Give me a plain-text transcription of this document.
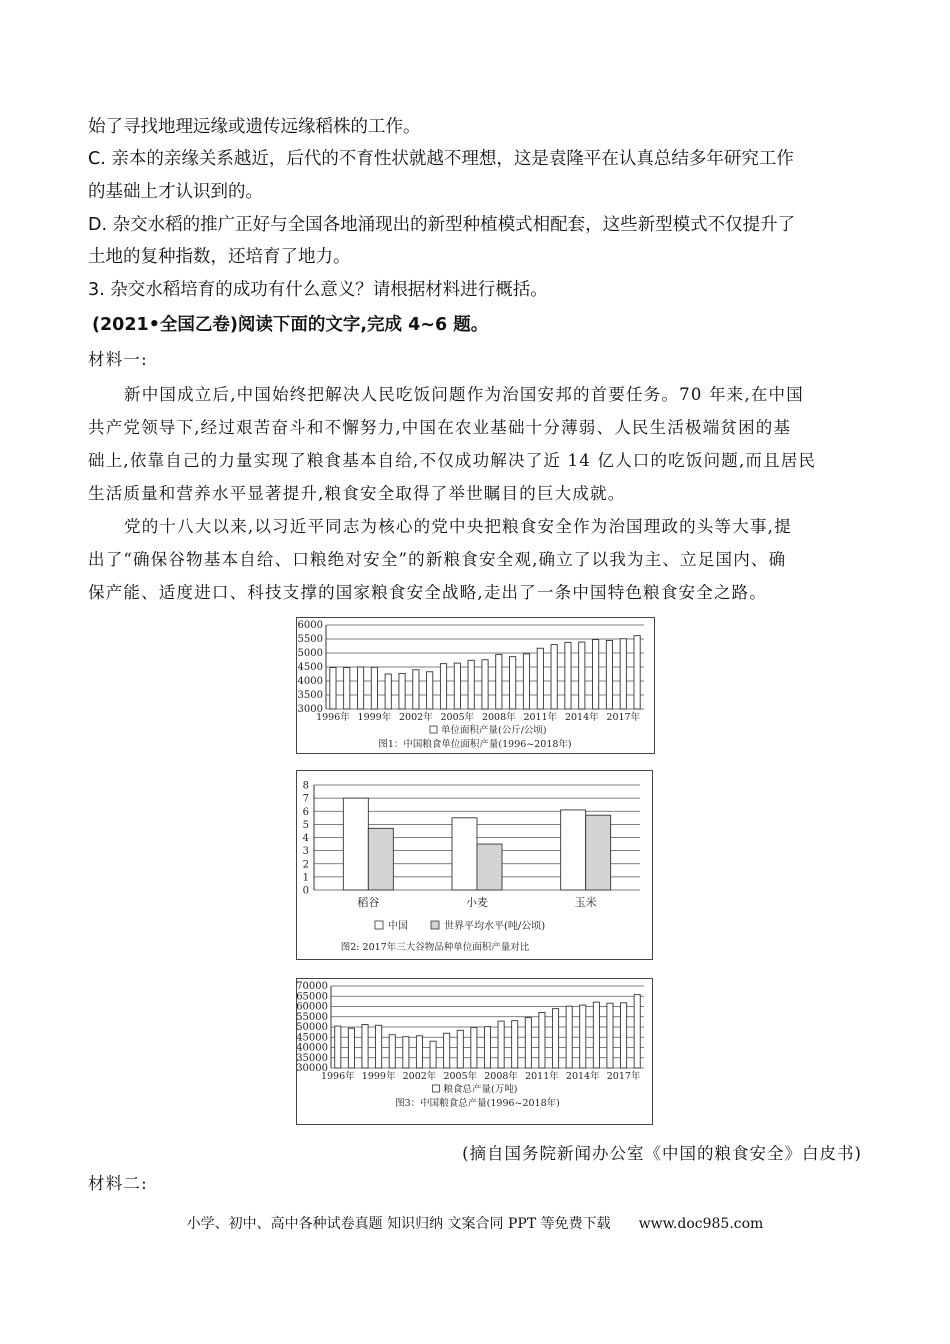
始了寻找地理远缘或遗传远缘稻株的工作。
C. 亲本的亲缘关系越近，后代的不育性状就越不理想，这是袁隆平在认真总结多年研究工作
的基础上才认识到的。
D. 杂交水稻的推广正好与全国各地涌现出的新型种植模式相配套，这些新型模式不仅提升了
土地的复种指数，还培育了地力。
3. 杂交水稻培育的成功有什么意义？请根据材料进行概括。
(2021•全国乙卷)阅读下面的文字,完成 4~6 题。
材料一:
新中国成立后,中国始终把解决人民吃饭问题作为治国安邦的首要任务。70 年来,在中国
共产党领导下,经过艰苦奋斗和不懈努力,中国在农业基础十分薄弱、人民生活极端贫困的基
础上,依靠自己的力量实现了粮食基本自给,不仅成功解决了近 14 亿人口的吃饭问题,而且居民
生活质量和营养水平显著提升,粮食安全取得了举世瞩目的巨大成就。
党的十八大以来,以习近平同志为核心的党中央把粮食安全作为治国理政的头等大事,提
出了“确保谷物基本自给、口粮绝对安全”的新粮食安全观,确立了以我为主、立足国内、确
保产能、适度进口、科技支撑的国家粮食安全战略,走出了一条中国特色粮食安全之路。
3000
3500
4000
4500
5000
5500
6000
1996年 1999年 2002年 2005年 2008年 2011年 2014年 2017年
单位面积产量(公斤/公顷)
图1：中国粮食单位面积产量(1996~2018年)
0
1
2
3
4
5
6
7
8
稻谷	小麦	玉米
中国	世界平均水平(吨/公顷)
图2: 2017年三大谷物品种单位面积产量对比
30000
35000
40000
45000
50000
55000
60000
65000
70000
1996年 1999年 2002年 2005年 2008年 2011年 2014年 2017年
粮食总产量(万吨)
图3：中国粮食总产量(1996~2018年)
(摘自国务院新闻办公室《中国的粮食安全》白皮书)
材料二:
小学、初中、高中各种试卷真题 知识归纳 文案合同 PPT 等免费下载 www.doc985.com
